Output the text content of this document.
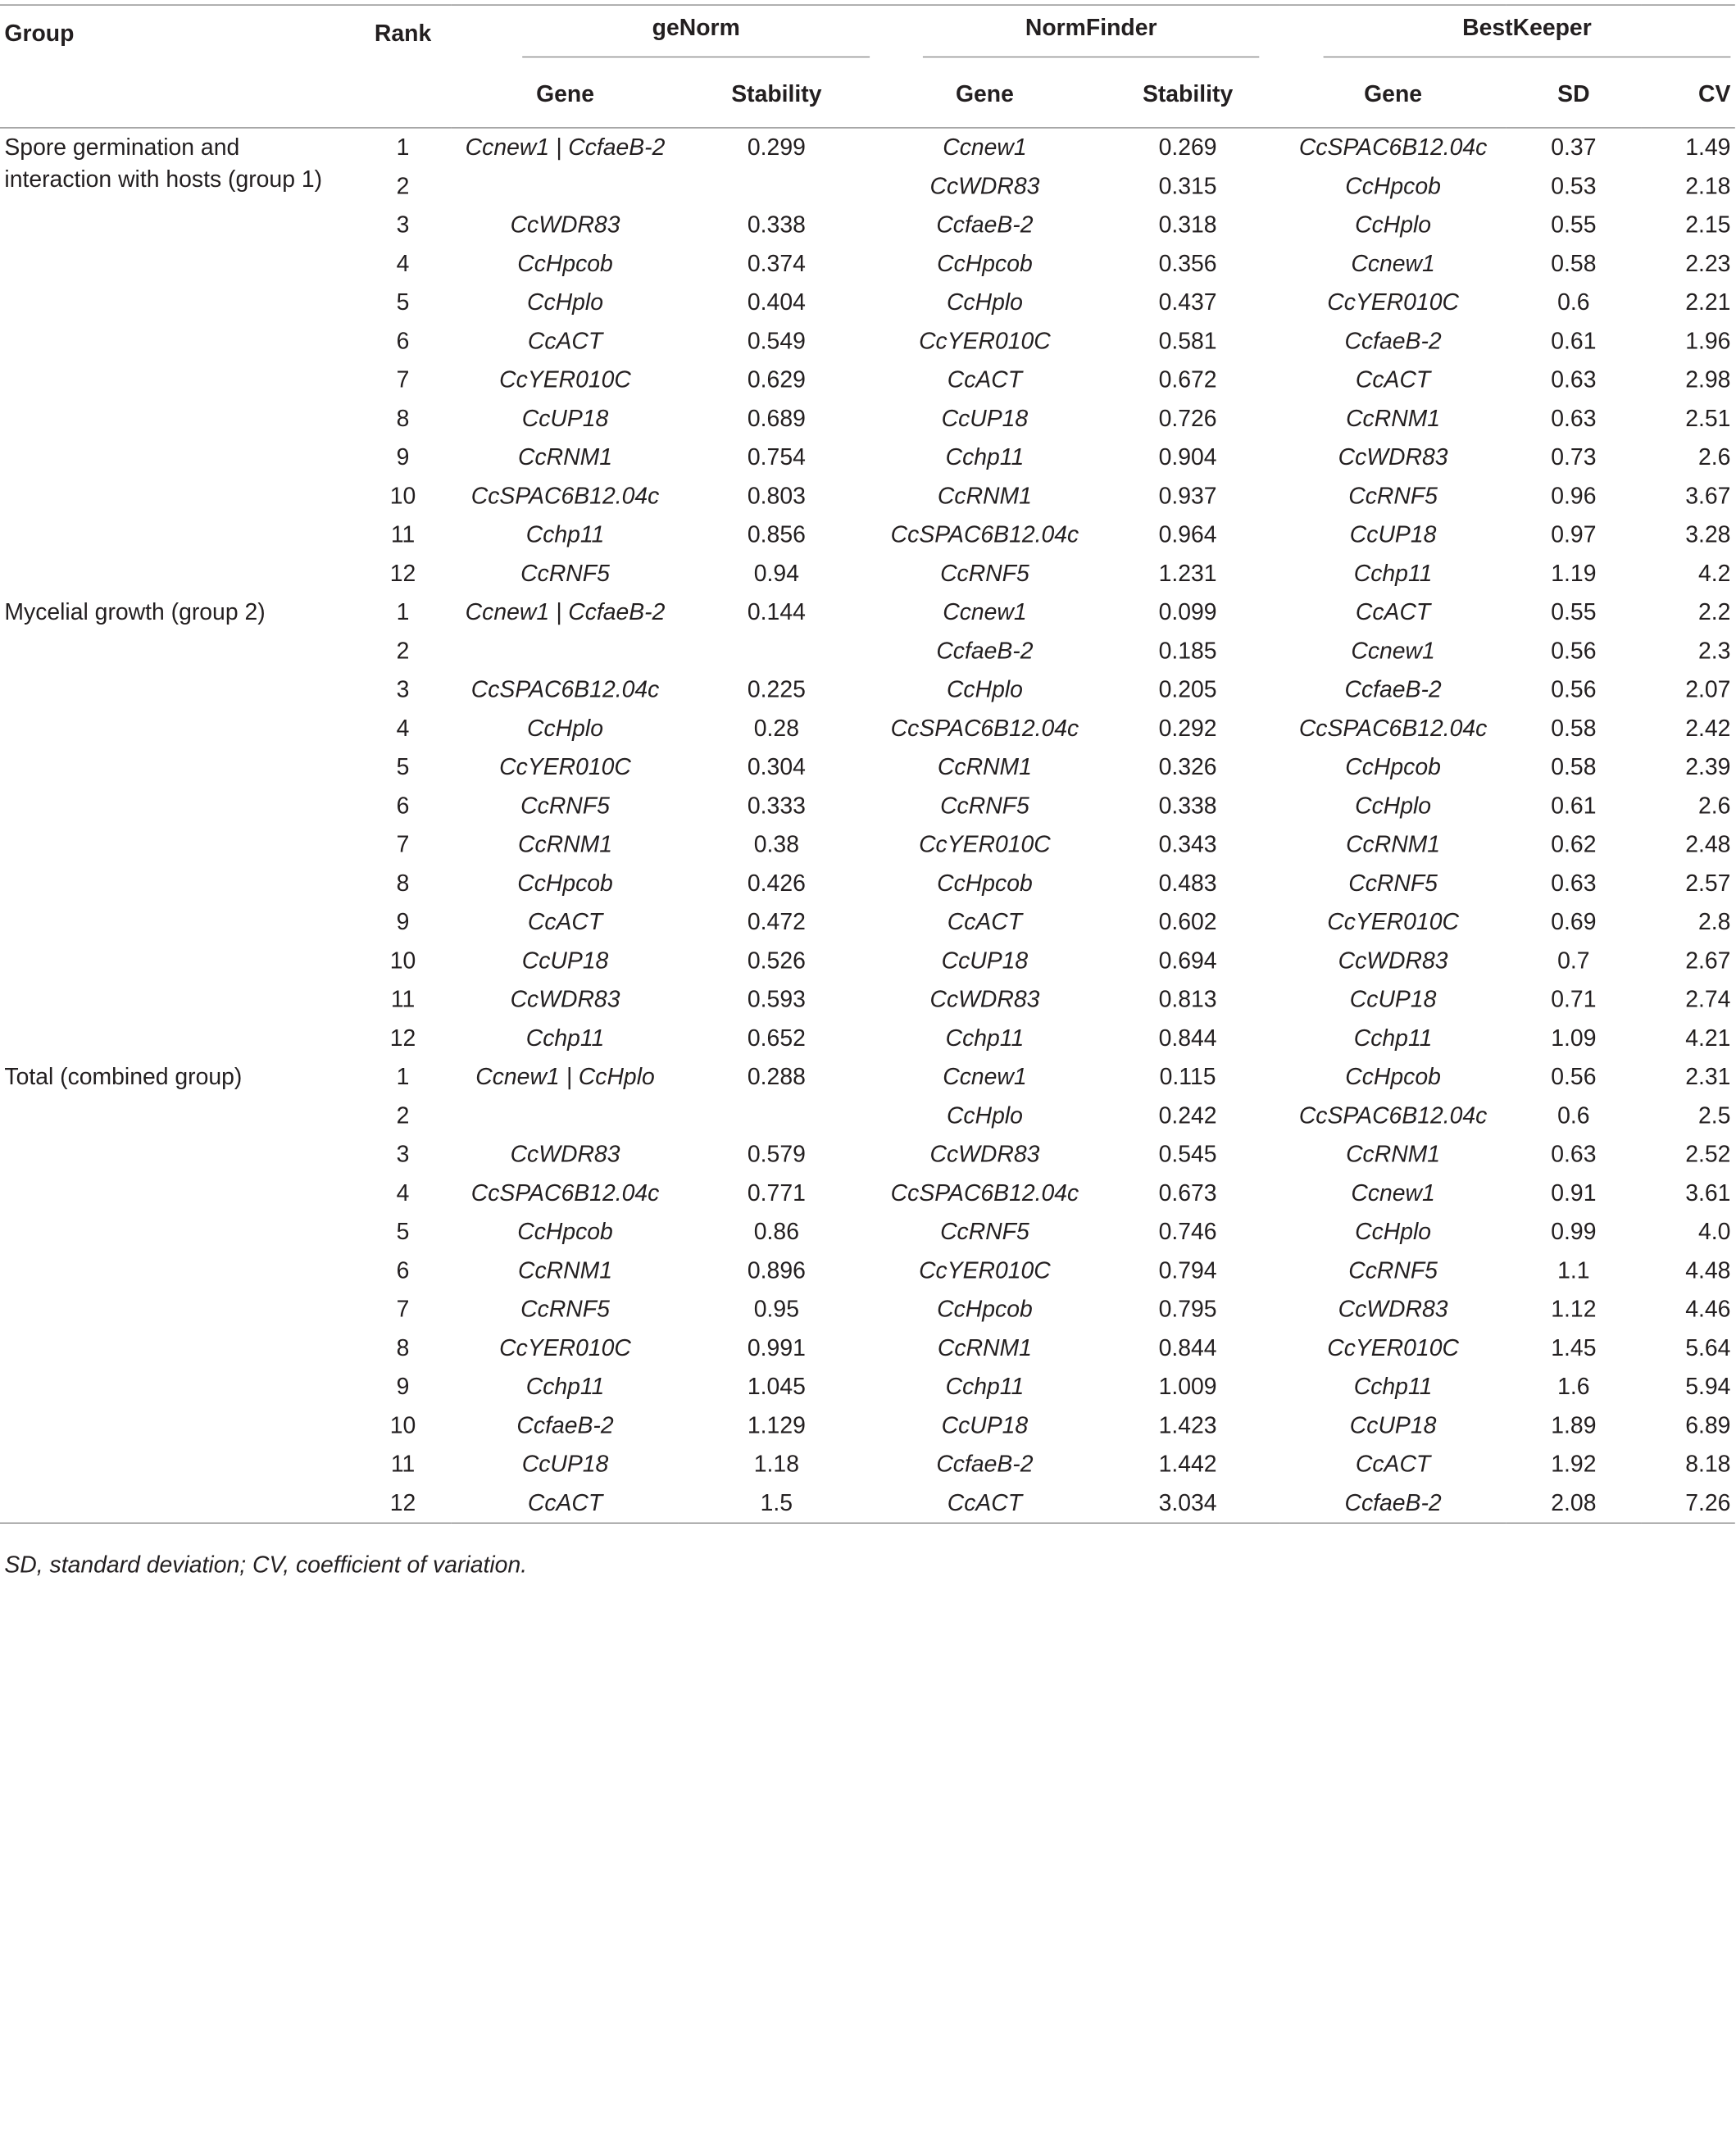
Group	Rank	geNorm		NormFinder		BestKeeper		

		Gene	Stability	Gene	Stability	Gene	SD	CV
Spore germination and interaction with hosts (group 1)	1	Ccnew1 | CcfaeB-2	0.299	Ccnew1	0.269	CcSPAC6B12.04c	0.37	1.49
	2			CcWDR83	0.315	CcHpcob	0.53	2.18
	3	CcWDR83	0.338	CcfaeB-2	0.318	CcHplo	0.55	2.15
	4	CcHpcob	0.374	CcHpcob	0.356	Ccnew1	0.58	2.23
	5	CcHplo	0.404	CcHplo	0.437	CcYER010C	0.6	2.21
	6	CcACT	0.549	CcYER010C	0.581	CcfaeB-2	0.61	1.96
	7	CcYER010C	0.629	CcACT	0.672	CcACT	0.63	2.98
	8	CcUP18	0.689	CcUP18	0.726	CcRNM1	0.63	2.51
	9	CcRNM1	0.754	Cchp11	0.904	CcWDR83	0.73	2.6
	10	CcSPAC6B12.04c	0.803	CcRNM1	0.937	CcRNF5	0.96	3.67
	11	Cchp11	0.856	CcSPAC6B12.04c	0.964	CcUP18	0.97	3.28
	12	CcRNF5	0.94	CcRNF5	1.231	Cchp11	1.19	4.2
Mycelial growth (group 2)	1	Ccnew1 | CcfaeB-2	0.144	Ccnew1	0.099	CcACT	0.55	2.2
	2			CcfaeB-2	0.185	Ccnew1	0.56	2.3
	3	CcSPAC6B12.04c	0.225	CcHplo	0.205	CcfaeB-2	0.56	2.07
	4	CcHplo	0.28	CcSPAC6B12.04c	0.292	CcSPAC6B12.04c	0.58	2.42
	5	CcYER010C	0.304	CcRNM1	0.326	CcHpcob	0.58	2.39
	6	CcRNF5	0.333	CcRNF5	0.338	CcHplo	0.61	2.6
	7	CcRNM1	0.38	CcYER010C	0.343	CcRNM1	0.62	2.48
	8	CcHpcob	0.426	CcHpcob	0.483	CcRNF5	0.63	2.57
	9	CcACT	0.472	CcACT	0.602	CcYER010C	0.69	2.8
	10	CcUP18	0.526	CcUP18	0.694	CcWDR83	0.7	2.67
	11	CcWDR83	0.593	CcWDR83	0.813	CcUP18	0.71	2.74
	12	Cchp11	0.652	Cchp11	0.844	Cchp11	1.09	4.21
Total (combined group)	1	Ccnew1 | CcHplo	0.288	Ccnew1	0.115	CcHpcob	0.56	2.31
	2			CcHplo	0.242	CcSPAC6B12.04c	0.6	2.5
	3	CcWDR83	0.579	CcWDR83	0.545	CcRNM1	0.63	2.52
	4	CcSPAC6B12.04c	0.771	CcSPAC6B12.04c	0.673	Ccnew1	0.91	3.61
	5	CcHpcob	0.86	CcRNF5	0.746	CcHplo	0.99	4.0
	6	CcRNM1	0.896	CcYER010C	0.794	CcRNF5	1.1	4.48
	7	CcRNF5	0.95	CcHpcob	0.795	CcWDR83	1.12	4.46
	8	CcYER010C	0.991	CcRNM1	0.844	CcYER010C	1.45	5.64
	9	Cchp11	1.045	Cchp11	1.009	Cchp11	1.6	5.94
	10	CcfaeB-2	1.129	CcUP18	1.423	CcUP18	1.89	6.89
	11	CcUP18	1.18	CcfaeB-2	1.442	CcACT	1.92	8.18
	12	CcACT	1.5	CcACT	3.034	CcfaeB-2	2.08	7.26
SD, standard deviation; CV, coefficient of variation.
